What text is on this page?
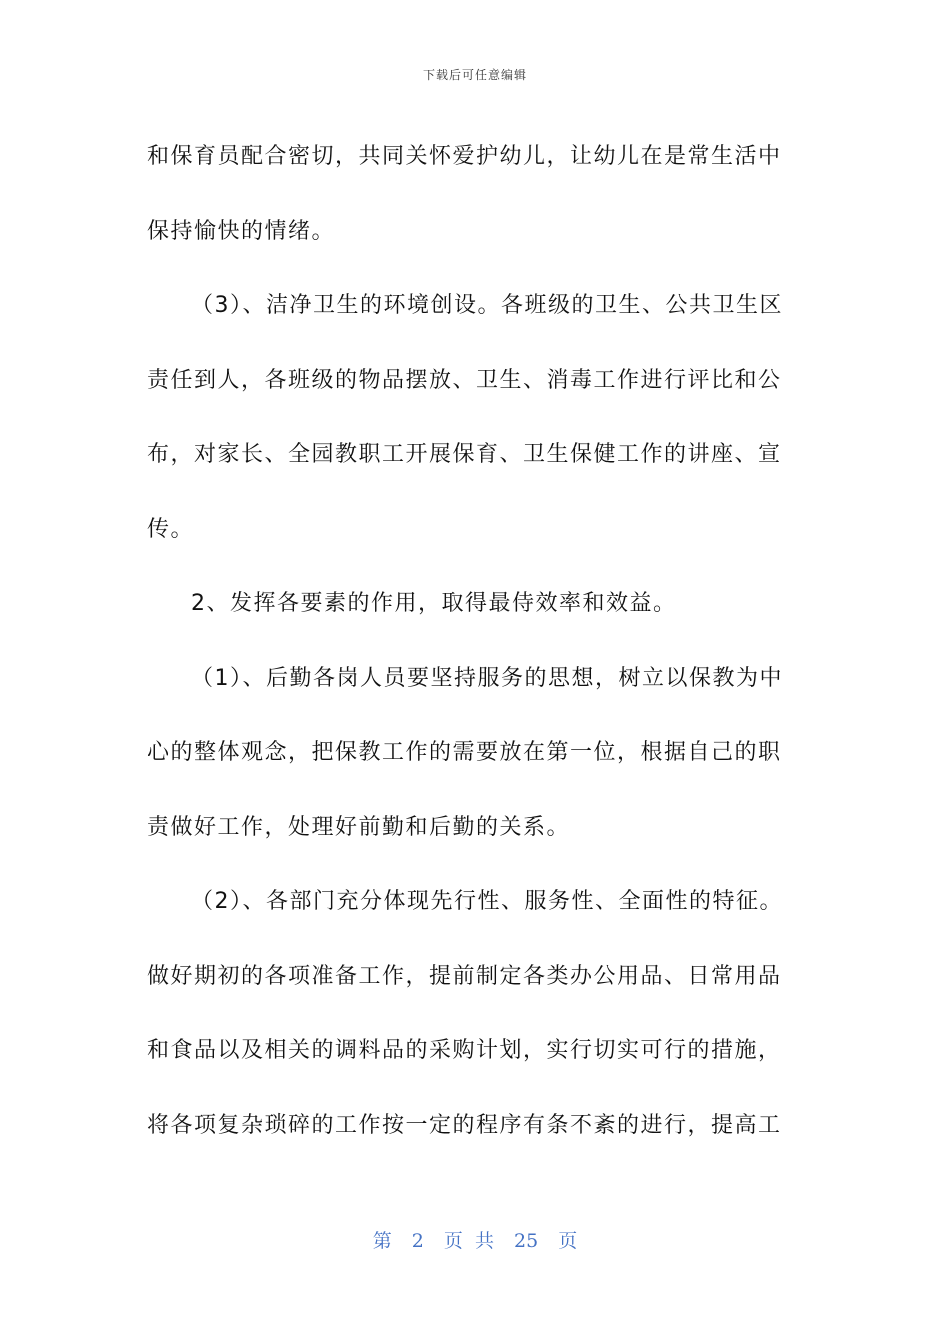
下载后可任意编辑
和保育员配合密切，共同关怀爱护幼儿，让幼儿在是常生活中
保持愉快的情绪。
（3）、洁净卫生的环境创设。各班级的卫生、公共卫生区
责任到人，各班级的物品摆放、卫生、消毒工作进行评比和公
布，对家长、全园教职工开展保育、卫生保健工作的讲座、宣
传。
2、发挥各要素的作用，取得最侍效率和效益。
（1）、后勤各岗人员要坚持服务的思想，树立以保教为中
心的整体观念，把保教工作的需要放在第一位，根据自己的职
责做好工作，处理好前勤和后勤的关系。
（2）、各部门充分体现先行性、服务性、全面性的特征。
做好期初的各项准备工作，提前制定各类办公用品、日常用品
和食品以及相关的调料品的采购计划，实行切实可行的措施，
将各项复杂琐碎的工作按一定的程序有条不紊的进行，提高工
第 2 页 共 25 页
